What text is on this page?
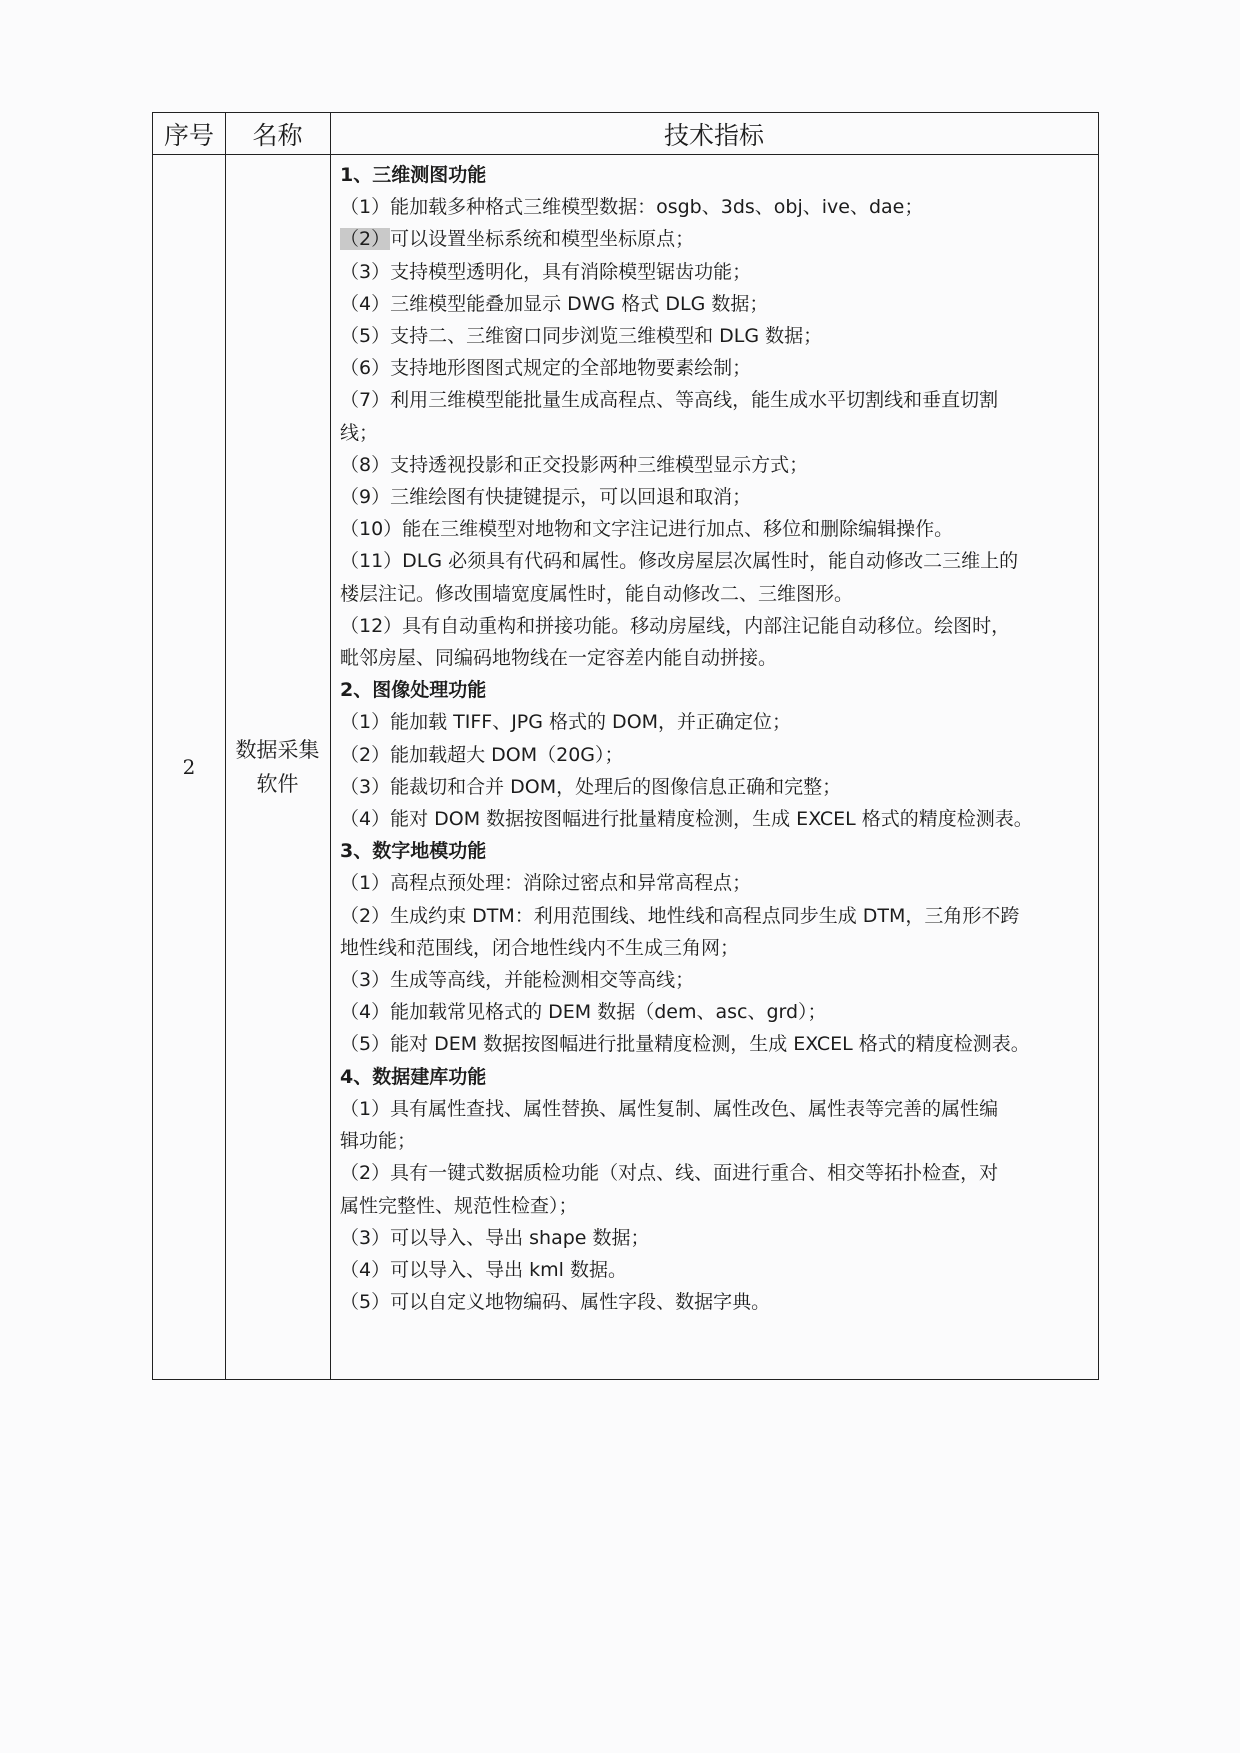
序号	名称	技术指标
2
数据采集软件
1、三维测图功能
（1）能加载多种格式三维模型数据：osgb、3ds、obj、ive、dae；
（2）可以设置坐标系统和模型坐标原点；
（3）支持模型透明化，具有消除模型锯齿功能；
（4）三维模型能叠加显示 DWG 格式 DLG 数据；
（5）支持二、三维窗口同步浏览三维模型和 DLG 数据；
（6）支持地形图图式规定的全部地物要素绘制；
（7）利用三维模型能批量生成高程点、等高线，能生成水平切割线和垂直切割
线；
（8）支持透视投影和正交投影两种三维模型显示方式；
（9）三维绘图有快捷键提示，可以回退和取消；
（10）能在三维模型对地物和文字注记进行加点、移位和删除编辑操作。
（11）DLG 必须具有代码和属性。修改房屋层次属性时，能自动修改二三维上的
楼层注记。修改围墙宽度属性时，能自动修改二、三维图形。
（12）具有自动重构和拼接功能。移动房屋线，内部注记能自动移位。绘图时，
毗邻房屋、同编码地物线在一定容差内能自动拼接。
2、图像处理功能
（1）能加载 TIFF、JPG 格式的 DOM，并正确定位；
（2）能加载超大 DOM（20G）；
（3）能裁切和合并 DOM，处理后的图像信息正确和完整；
（4）能对 DOM 数据按图幅进行批量精度检测，生成 EXCEL 格式的精度检测表。
3、数字地模功能
（1）高程点预处理：消除过密点和异常高程点；
（2）生成约束 DTM：利用范围线、地性线和高程点同步生成 DTM，三角形不跨
地性线和范围线，闭合地性线内不生成三角网；
（3）生成等高线，并能检测相交等高线；
（4）能加载常见格式的 DEM 数据（dem、asc、grd）；
（5）能对 DEM 数据按图幅进行批量精度检测，生成 EXCEL 格式的精度检测表。
4、数据建库功能
（1）具有属性查找、属性替换、属性复制、属性改色、属性表等完善的属性编
辑功能；
（2）具有一键式数据质检功能（对点、线、面进行重合、相交等拓扑检查，对
属性完整性、规范性检查）；
（3）可以导入、导出 shape 数据；
（4）可以导入、导出 kml 数据。
（5）可以自定义地物编码、属性字段、数据字典。
